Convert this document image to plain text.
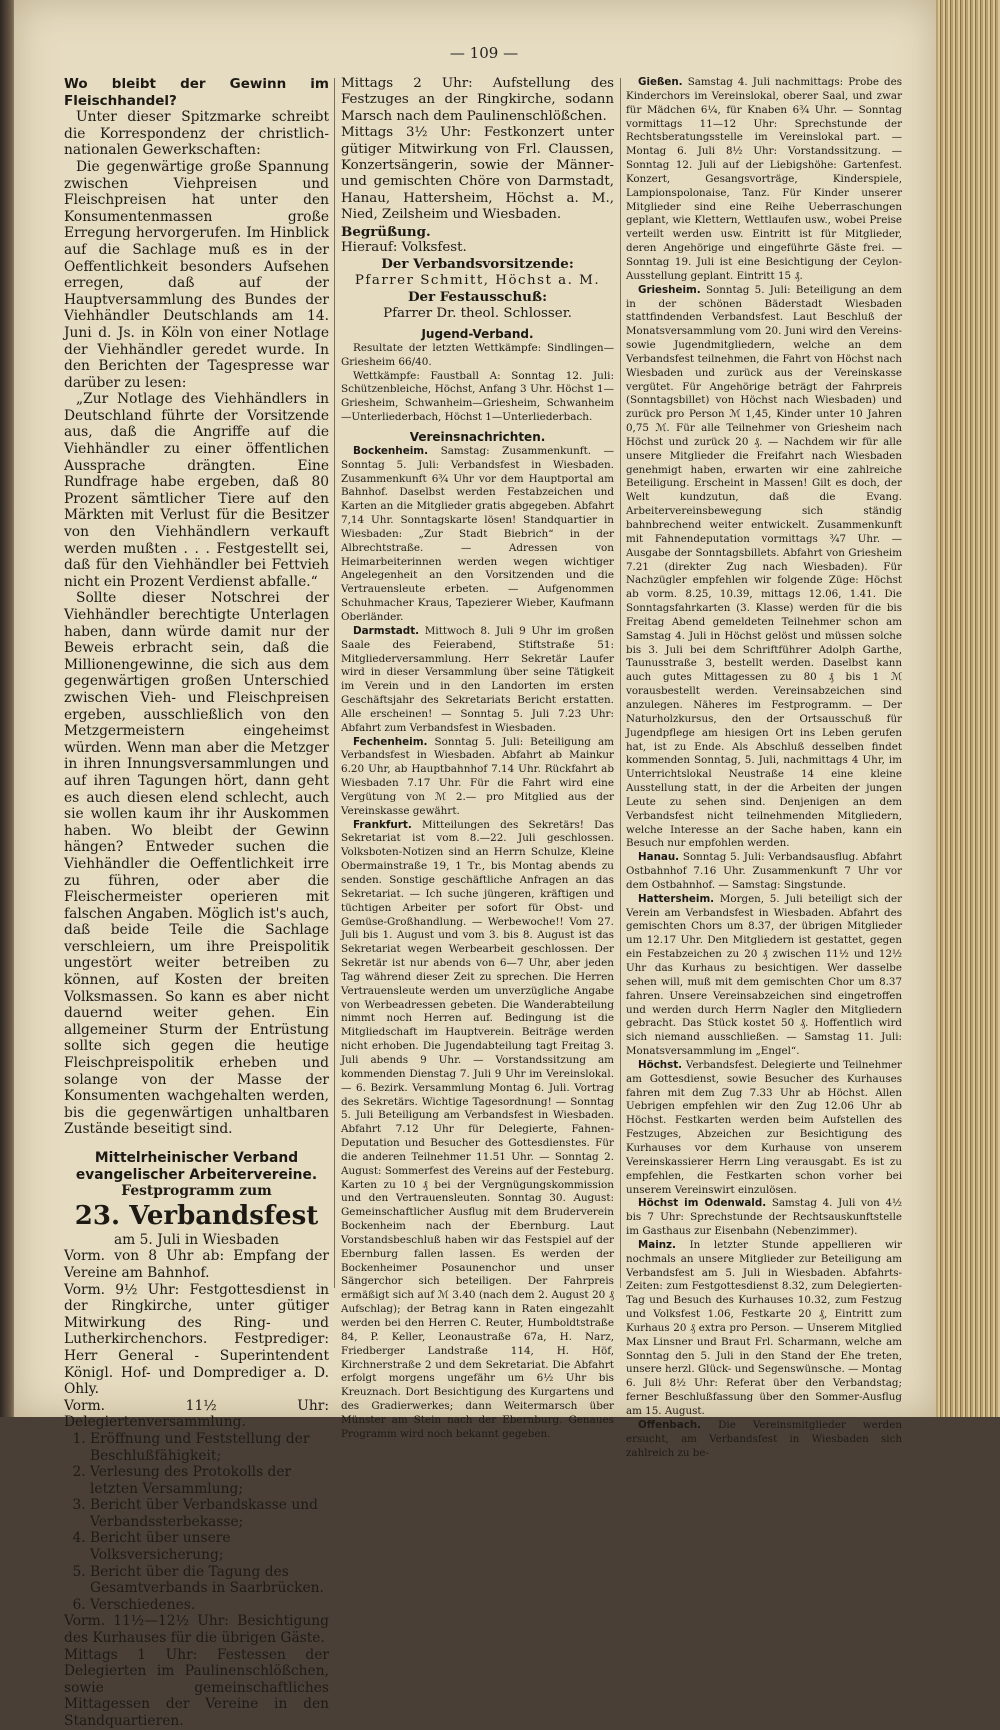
— 109 —

Wo bleibt der Gewinn im Fleischhandel?

Unter dieser Spitzmarke schreibt die Korrespondenz der christlich-nationalen Gewerkschaften:

Die gegenwärtige große Spannung zwischen Viehpreisen und Fleischpreisen hat unter den Konsumentenmassen große Erregung hervorgerufen. Im Hinblick auf die Sachlage muß es in der Oeffentlichkeit besonders Aufsehen erregen, daß auf der Hauptversammlung des Bundes der Viehhändler Deutschlands am 14. Juni d. Js. in Köln von einer Notlage der Viehhändler geredet wurde. In den Berichten der Tagespresse war darüber zu lesen:

„Zur Notlage des Viehhändlers in Deutschland führte der Vorsitzende aus, daß die Angriffe auf die Viehhändler zu einer öffentlichen Aussprache drängten. Eine Rundfrage habe ergeben, daß 80 Prozent sämtlicher Tiere auf den Märkten mit Verlust für die Besitzer von den Viehhändlern verkauft werden mußten . . . Festgestellt sei, daß für den Viehhändler bei Fettvieh nicht ein Prozent Verdienst abfalle.“

Sollte dieser Notschrei der Viehhändler berechtigte Unterlagen haben, dann würde damit nur der Beweis erbracht sein, daß die Millionengewinne, die sich aus dem gegenwärtigen großen Unterschied zwischen Vieh- und Fleischpreisen ergeben, ausschließlich von den Metzgermeistern eingeheimst würden. Wenn man aber die Metzger in ihren Innungsversammlungen und auf ihren Tagungen hört, dann geht es auch diesen elend schlecht, auch sie wollen kaum ihr ihr Auskommen haben. Wo bleibt der Gewinn hängen? Entweder suchen die Viehhändler die Oeffentlichkeit irre zu führen, oder aber die Fleischermeister operieren mit falschen Angaben. Möglich ist's auch, daß beide Teile die Sachlage verschleiern, um ihre Preispolitik ungestört weiter betreiben zu können, auf Kosten der breiten Volksmassen. So kann es aber nicht dauernd weiter gehen. Ein allgemeiner Sturm der Entrüstung sollte sich gegen die heutige Fleischpreispolitik erheben und solange von der Masse der Konsumenten wachgehalten werden, bis die gegenwärtigen unhaltbaren Zustände beseitigt sind.

Mittelrheinischer Verband evangelischer Arbeitervereine.

Festprogramm zum

23. Verbandsfest

am 5. Juli in Wiesbaden

Vorm. von 8 Uhr ab: Empfang der Vereine am Bahnhof.

Vorm. 9½ Uhr: Festgottesdienst in der Ringkirche, unter gütiger Mitwirkung des Ring- und Lutherkirchenchors. Festprediger: Herr General - Superintendent Königl. Hof- und Domprediger a. D. Ohly.

Vorm. 11½ Uhr: Delegiertenversammlung.

1. Eröffnung und Feststellung der Beschlußfähigkeit;
2. Verlesung des Protokolls der letzten Versammlung;
3. Bericht über Verbandskasse und Verbandssterbekasse;
4. Bericht über unsere Volksversicherung;
5. Bericht über die Tagung des Gesamtverbands in Saarbrücken.
6. Verschiedenes.

Vorm. 11½—12½ Uhr: Besichtigung des Kurhauses für die übrigen Gäste.

Mittags 1 Uhr: Festessen der Delegierten im Paulinenschlößchen, sowie gemeinschaftliches Mittagessen der Vereine in den Standquartieren.

Mittags 2 Uhr: Aufstellung des Festzuges an der Ringkirche, sodann Marsch nach dem Paulinenschlößchen.

Mittags 3½ Uhr: Festkonzert unter gütiger Mitwirkung von Frl. Claussen, Konzertsängerin, sowie der Männer- und gemischten Chöre von Darmstadt, Hanau, Hattersheim, Höchst a. M., Nied, Zeilsheim und Wiesbaden.

Begrüßung.

Hierauf: Volksfest.

Der Verbandsvorsitzende:

Pfarrer Schmitt, Höchst a. M.

Der Festausschuß:

Pfarrer Dr. theol. Schlosser.

Jugend-Verband.

Resultate der letzten Wettkämpfe: Sindlingen—Griesheim 66/40.

Wettkämpfe: Faustball A: Sonntag 12. Juli: Schützenbleiche, Höchst, Anfang 3 Uhr. Höchst 1—Griesheim, Schwanheim—Griesheim, Schwanheim—Unterliederbach, Höchst 1—Unterliederbach.

Vereinsnachrichten.

Bockenheim. Samstag: Zusammenkunft. — Sonntag 5. Juli: Verbandsfest in Wiesbaden. Zusammenkunft 6¾ Uhr vor dem Hauptportal am Bahnhof. Daselbst werden Festabzeichen und Karten an die Mitglieder gratis abgegeben. Abfahrt 7,14 Uhr. Sonntagskarte lösen! Standquartier in Wiesbaden: „Zur Stadt Biebrich“ in der Albrechtstraße. — Adressen von Heimarbeiterinnen werden wegen wichtiger Angelegenheit an den Vorsitzenden und die Vertrauensleute erbeten. — Aufgenommen Schuhmacher Kraus, Tapezierer Wieber, Kaufmann Oberländer.

Darmstadt. Mittwoch 8. Juli 9 Uhr im großen Saale des Feierabend, Stiftstraße 51: Mitgliederversammlung. Herr Sekretär Laufer wird in dieser Versammlung über seine Tätigkeit im Verein und in den Landorten im ersten Geschäftsjahr des Sekretariats Bericht erstatten. Alle erscheinen! — Sonntag 5. Juli 7.23 Uhr: Abfahrt zum Verbandsfest in Wiesbaden.

Fechenheim. Sonntag 5. Juli: Beteiligung am Verbandsfest in Wiesbaden. Abfahrt ab Mainkur 6.20 Uhr, ab Hauptbahnhof 7.14 Uhr. Rückfahrt ab Wiesbaden 7.17 Uhr. Für die Fahrt wird eine Vergütung von ℳ 2.— pro Mitglied aus der Vereinskasse gewährt.

Frankfurt. Mitteilungen des Sekretärs! Das Sekretariat ist vom 8.—22. Juli geschlossen. Volksboten-Notizen sind an Herrn Schulze, Kleine Obermainstraße 19, 1 Tr., bis Montag abends zu senden. Sonstige geschäftliche Anfragen an das Sekretariat. — Ich suche jüngeren, kräftigen und tüchtigen Arbeiter per sofort für Obst- und Gemüse-Großhandlung. — Werbewoche!! Vom 27. Juli bis 1. August und vom 3. bis 8. August ist das Sekretariat wegen Werbearbeit geschlossen. Der Sekretär ist nur abends von 6—7 Uhr, aber jeden Tag während dieser Zeit zu sprechen. Die Herren Vertrauensleute werden um unverzügliche Angabe von Werbeadressen gebeten. Die Wanderabteilung nimmt noch Herren auf. Bedingung ist die Mitgliedschaft im Hauptverein. Beiträge werden nicht erhoben. Die Jugendabteilung tagt Freitag 3. Juli abends 9 Uhr. — Vorstandssitzung am kommenden Dienstag 7. Juli 9 Uhr im Vereinslokal. — 6. Bezirk. Versammlung Montag 6. Juli. Vortrag des Sekretärs. Wichtige Tagesordnung! — Sonntag 5. Juli Beteiligung am Verbandsfest in Wiesbaden. Abfahrt 7.12 Uhr für Delegierte, Fahnen-Deputation und Besucher des Gottesdienstes. Für die anderen Teilnehmer 11.51 Uhr. — Sonntag 2. August: Sommerfest des Vereins auf der Festeburg. Karten zu 10 ₰ bei der Vergnügungskommission und den Vertrauensleuten. Sonntag 30. August: Gemeinschaftlicher Ausflug mit dem Bruderverein Bockenheim nach der Ebernburg. Laut Vorstandsbeschluß haben wir das Festspiel auf der Ebernburg fallen lassen. Es werden der Bockenheimer Posaunenchor und unser Sängerchor sich beteiligen. Der Fahrpreis ermäßigt sich auf ℳ 3.40 (nach dem 2. August 20 ₰ Aufschlag); der Betrag kann in Raten eingezahlt werden bei den Herren C. Reuter, Humboldtstraße 84, P. Keller, Leonaustraße 67a, H. Narz, Friedberger Landstraße 114, H. Höf, Kirchnerstraße 2 und dem Sekretariat. Die Abfahrt erfolgt morgens ungefähr um 6½ Uhr bis Kreuznach. Dort Besichtigung des Kurgartens und des Gradierwerkes; dann Weitermarsch über Münster am Stein nach der Ebernburg. Genaues Programm wird noch bekannt gegeben.

Gießen. Samstag 4. Juli nachmittags: Probe des Kinderchors im Vereinslokal, oberer Saal, und zwar für Mädchen 6¼, für Knaben 6¾ Uhr. — Sonntag vormittags 11—12 Uhr: Sprechstunde der Rechtsberatungsstelle im Vereinslokal part. — Montag 6. Juli 8½ Uhr: Vorstandssitzung. — Sonntag 12. Juli auf der Liebigshöhe: Gartenfest. Konzert, Gesangsvorträge, Kinderspiele, Lampionspolonaise, Tanz. Für Kinder unserer Mitglieder sind eine Reihe Ueberraschungen geplant, wie Klettern, Wettlaufen usw., wobei Preise verteilt werden usw. Eintritt ist für Mitglieder, deren Angehörige und eingeführte Gäste frei. — Sonntag 19. Juli ist eine Besichtigung der Ceylon-Ausstellung geplant. Eintritt 15 ₰.

Griesheim. Sonntag 5. Juli: Beteiligung an dem in der schönen Bäderstadt Wiesbaden stattfindenden Verbandsfest. Laut Beschluß der Monatsversammlung vom 20. Juni wird den Vereins- sowie Jugendmitgliedern, welche an dem Verbandsfest teilnehmen, die Fahrt von Höchst nach Wiesbaden und zurück aus der Vereinskasse vergütet. Für Angehörige beträgt der Fahrpreis (Sonntagsbillet) von Höchst nach Wiesbaden) und zurück pro Person ℳ 1,45, Kinder unter 10 Jahren 0,75 ℳ. Für alle Teilnehmer von Griesheim nach Höchst und zurück 20 ₰. — Nachdem wir für alle unsere Mitglieder die Freifahrt nach Wiesbaden genehmigt haben, erwarten wir eine zahlreiche Beteiligung. Erscheint in Massen! Gilt es doch, der Welt kundzutun, daß die Evang. Arbeitervereinsbewegung sich ständig bahnbrechend weiter entwickelt. Zusammenkunft mit Fahnendeputation vormittags ¾7 Uhr. — Ausgabe der Sonntagsbillets. Abfahrt von Griesheim 7.21 (direkter Zug nach Wiesbaden). Für Nachzügler empfehlen wir folgende Züge: Höchst ab vorm. 8.25, 10.39, mittags 12.06, 1.41. Die Sonntagsfahrkarten (3. Klasse) werden für die bis Freitag Abend gemeldeten Teilnehmer schon am Samstag 4. Juli in Höchst gelöst und müssen solche bis 3. Juli bei dem Schriftführer Adolph Garthe, Taunusstraße 3, bestellt werden. Daselbst kann auch gutes Mittagessen zu 80 ₰ bis 1 ℳ vorausbestellt werden. Vereinsabzeichen sind anzulegen. Näheres im Festprogramm. — Der Naturholzkursus, den der Ortsausschuß für Jugendpflege am hiesigen Ort ins Leben gerufen hat, ist zu Ende. Als Abschluß desselben findet kommenden Sonntag, 5. Juli, nachmittags 4 Uhr, im Unterrichtslokal Neustraße 14 eine kleine Ausstellung statt, in der die Arbeiten der jungen Leute zu sehen sind. Denjenigen an dem Verbandsfest nicht teilnehmenden Mitgliedern, welche Interesse an der Sache haben, kann ein Besuch nur empfohlen werden.

Hanau. Sonntag 5. Juli: Verbandsausflug. Abfahrt Ostbahnhof 7.16 Uhr. Zusammenkunft 7 Uhr vor dem Ostbahnhof. — Samstag: Singstunde.

Hattersheim. Morgen, 5. Juli beteiligt sich der Verein am Verbandsfest in Wiesbaden. Abfahrt des gemischten Chors um 8.37, der übrigen Mitglieder um 12.17 Uhr. Den Mitgliedern ist gestattet, gegen ein Festabzeichen zu 20 ₰ zwischen 11½ und 12½ Uhr das Kurhaus zu besichtigen. Wer dasselbe sehen will, muß mit dem gemischten Chor um 8.37 fahren. Unsere Vereinsabzeichen sind eingetroffen und werden durch Herrn Nagler den Mitgliedern gebracht. Das Stück kostet 50 ₰. Hoffentlich wird sich niemand ausschließen. — Samstag 11. Juli: Monatsversammlung im „Engel“.

Höchst. Verbandsfest. Delegierte und Teilnehmer am Gottesdienst, sowie Besucher des Kurhauses fahren mit dem Zug 7.33 Uhr ab Höchst. Allen Uebrigen empfehlen wir den Zug 12.06 Uhr ab Höchst. Festkarten werden beim Aufstellen des Festzuges, Abzeichen zur Besichtigung des Kurhauses vor dem Kurhause von unserem Vereinskassierer Herrn Ling verausgabt. Es ist zu empfehlen, die Festkarten schon vorher bei unserem Vereinswirt einzulösen.

Höchst im Odenwald. Samstag 4. Juli von 4½ bis 7 Uhr: Sprechstunde der Rechtsauskunftstelle im Gasthaus zur Eisenbahn (Nebenzimmer).

Mainz. In letzter Stunde appellieren wir nochmals an unsere Mitglieder zur Beteiligung am Verbandsfest am 5. Juli in Wiesbaden. Abfahrts-Zeiten: zum Festgottesdienst 8.32, zum Delegierten-Tag und Besuch des Kurhauses 10.32, zum Festzug und Volksfest 1.06, Festkarte 20 ₰, Eintritt zum Kurhaus 20 ₰ extra pro Person. — Unserem Mitglied Max Linsner und Braut Frl. Scharmann, welche am Sonntag den 5. Juli in den Stand der Ehe treten, unsere herzl. Glück- und Segenswünsche. — Montag 6. Juli 8½ Uhr: Referat über den Verbandstag; ferner Beschlußfassung über den Sommer-Ausflug am 15. August.

Offenbach. Die Vereinsmitglieder werden ersucht, am Verbandsfest in Wiesbaden sich zahlreich zu be-
